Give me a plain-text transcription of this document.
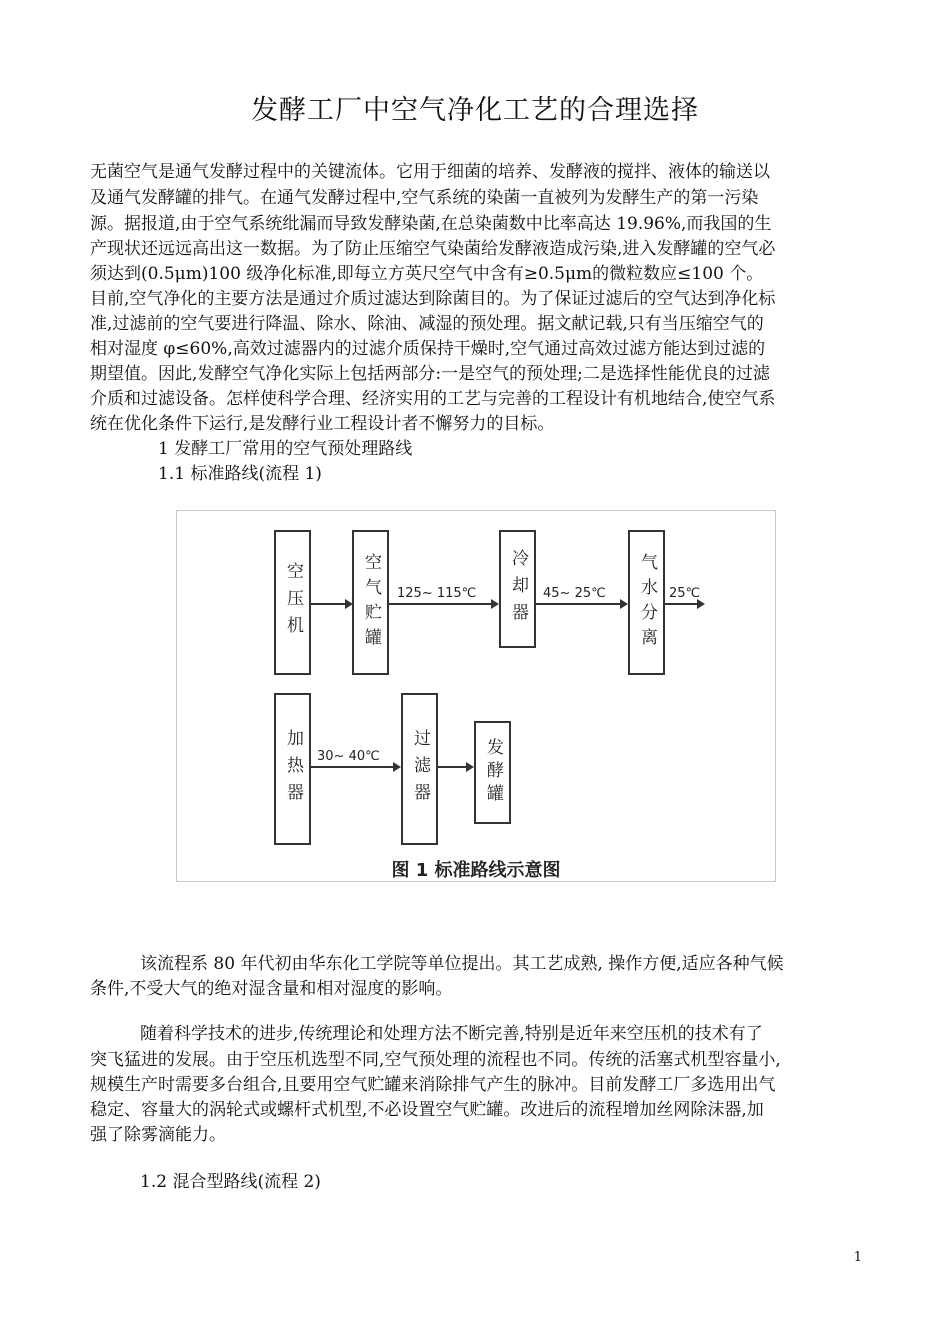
发酵工厂中空气净化工艺的合理选择
无菌空气是通气发酵过程中的关键流体。它用于细菌的培养、发酵液的搅拌、液体的输送以
及通气发酵罐的排气。在通气发酵过程中,空气系统的染菌一直被列为发酵生产的第一污染
源。据报道,由于空气系统纰漏而导致发酵染菌,在总染菌数中比率高达 19.96%,而我国的生
产现状还远远高出这一数据。为了防止压缩空气染菌给发酵液造成污染,进入发酵罐的空气必
须达到(0.5μm)100 级净化标准,即每立方英尺空气中含有≥0.5μm的微粒数应≤100 个。
目前,空气净化的主要方法是通过介质过滤达到除菌目的。为了保证过滤后的空气达到净化标
准,过滤前的空气要进行降温、除水、除油、减湿的预处理。据文献记载,只有当压缩空气的
相对湿度 φ≤60%,高效过滤器内的过滤介质保持干燥时,空气通过高效过滤方能达到过滤的
期望值。因此,发酵空气净化实际上包括两部分:一是空气的预处理;二是选择性能优良的过滤
介质和过滤设备。怎样使科学合理、经济实用的工艺与完善的工程设计有机地结合,使空气系
统在优化条件下运行,是发酵行业工程设计者不懈努力的目标。
1 发酵工厂常用的空气预处理路线
1.1 标准路线(流程 1)
空压机	空气贮罐	125~ 115℃ 冷却器	45~ 25℃ 气水分离 25℃
加热器	30~ 40℃ 过滤器	发酵罐
图 1 标准路线示意图
该流程系 80 年代初由华东化工学院等单位提出。其工艺成熟, 操作方便,适应各种气候
条件,不受大气的绝对湿含量和相对湿度的影响。
随着科学技术的进步,传统理论和处理方法不断完善,特别是近年来空压机的技术有了
突飞猛进的发展。由于空压机选型不同,空气预处理的流程也不同。传统的活塞式机型容量小,
规模生产时需要多台组合,且要用空气贮罐来消除排气产生的脉冲。目前发酵工厂多选用出气
稳定、容量大的涡轮式或螺杆式机型,不必设置空气贮罐。改进后的流程增加丝网除沫器,加
强了除雾滴能力。
1.2 混合型路线(流程 2)
1
